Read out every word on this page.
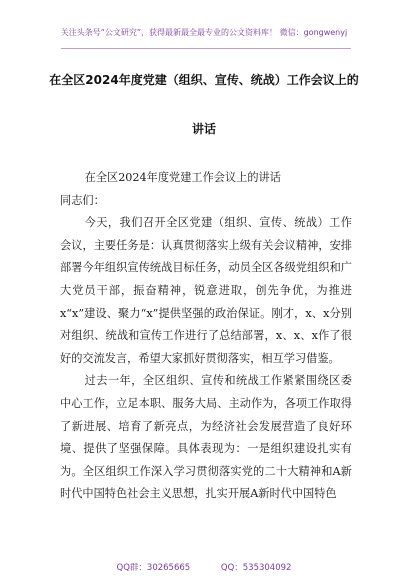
关注头条号“公文研究”，获得最新最全最专业的公文资料库！ 微信：gongwenyj
在全区2024年度党建（组织、宣传、统战）工作会议上的
讲话

在全区2024年度党建工作会议上的讲话

同志们：

今天，我们召开全区党建（组织、宣传、统战）工作会议，主要任务是：认真贯彻落实上级有关会议精神，安排部署今年组织宣传统战目标任务，动员全区各级党组织和广大党员干部，振奋精神，锐意进取，创先争优，为推进x“x”建设、聚力“x”提供坚强的政治保证。刚才，x、x分别对组织、统战和宣传工作进行了总结部署，x、x、x作了很好的交流发言，希望大家抓好贯彻落实，相互学习借鉴。

过去一年，全区组织、宣传和统战工作紧紧围绕区委中心工作，立足本职、服务大局、主动作为，各项工作取得了新进展、培育了新亮点，为经济社会发展营造了良好环境、提供了坚强保障。具体表现为：一是组织建设扎实有为。全区组织工作深入学习贯彻落实党的二十大精神和A新时代中国特色社会主义思想，扎实开展A新时代中国特色

QQ群：30265665	QQ：535304092
